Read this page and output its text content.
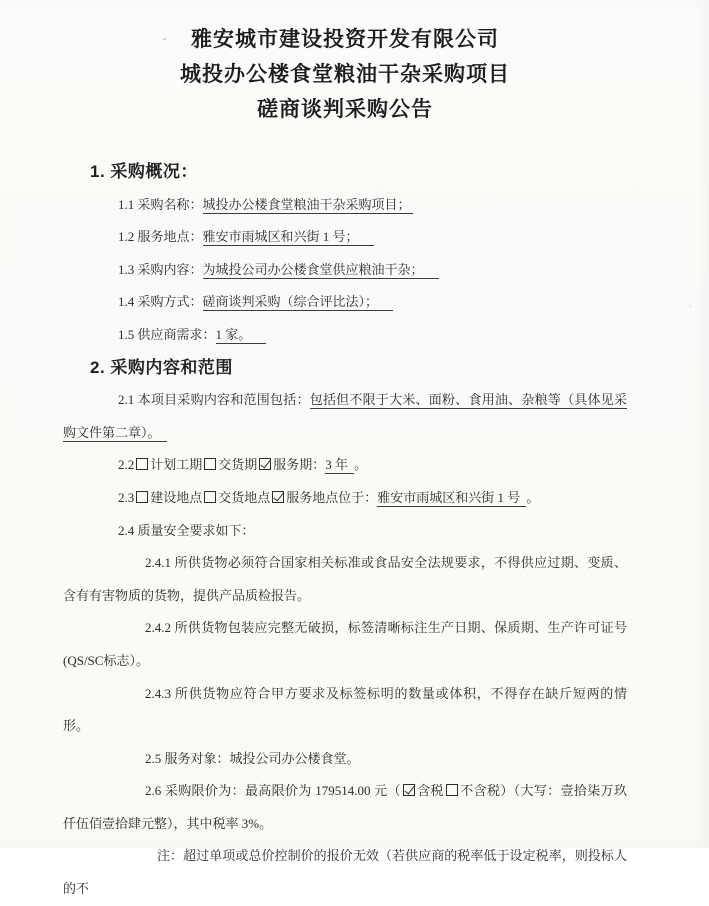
雅安城市建设投资开发有限公司
城投办公楼食堂粮油干杂采购项目
磋商谈判采购公告
1. 采购概况：

1.1 采购名称：城投办公楼食堂粮油干杂采购项目；

1.2 服务地点：雅安市雨城区和兴街 1 号；

1.3 采购内容：为城投公司办公楼食堂供应粮油干杂；

1.4 采购方式：磋商谈判采购（综合评比法）；

1.5 供应商需求：1 家。

2. 采购内容和范围

2.1 本项目采购内容和范围包括：包括但不限于大米、面粉、食用油、杂粮等（具体见采购文件第二章）。

2.2 计划工期 交货期 服务期：3 年 。

2.3 建设地点 交货地点 服务地点位于：雅安市雨城区和兴街 1 号 。

2.4 质量安全要求如下：

2.4.1 所供货物必须符合国家相关标准或食品安全法规要求，不得供应过期、变质、含有有害物质的货物，提供产品质检报告。

2.4.2 所供货物包装应完整无破损，标签清晰标注生产日期、保质期、生产许可证号(QS/SC标志）。

2.4.3 所供货物应符合甲方要求及标签标明的数量或体积，不得存在缺斤短两的情形。

2.5 服务对象：城投公司办公楼食堂。

2.6 采购限价为：最高限价为 179514.00 元（ 含税 不含税）（大写：壹拾柒万玖仟伍佰壹拾肆元整），其中税率 3%。

注：超过单项或总价控制价的报价无效（若供应商的税率低于设定税率，则投标人的不
